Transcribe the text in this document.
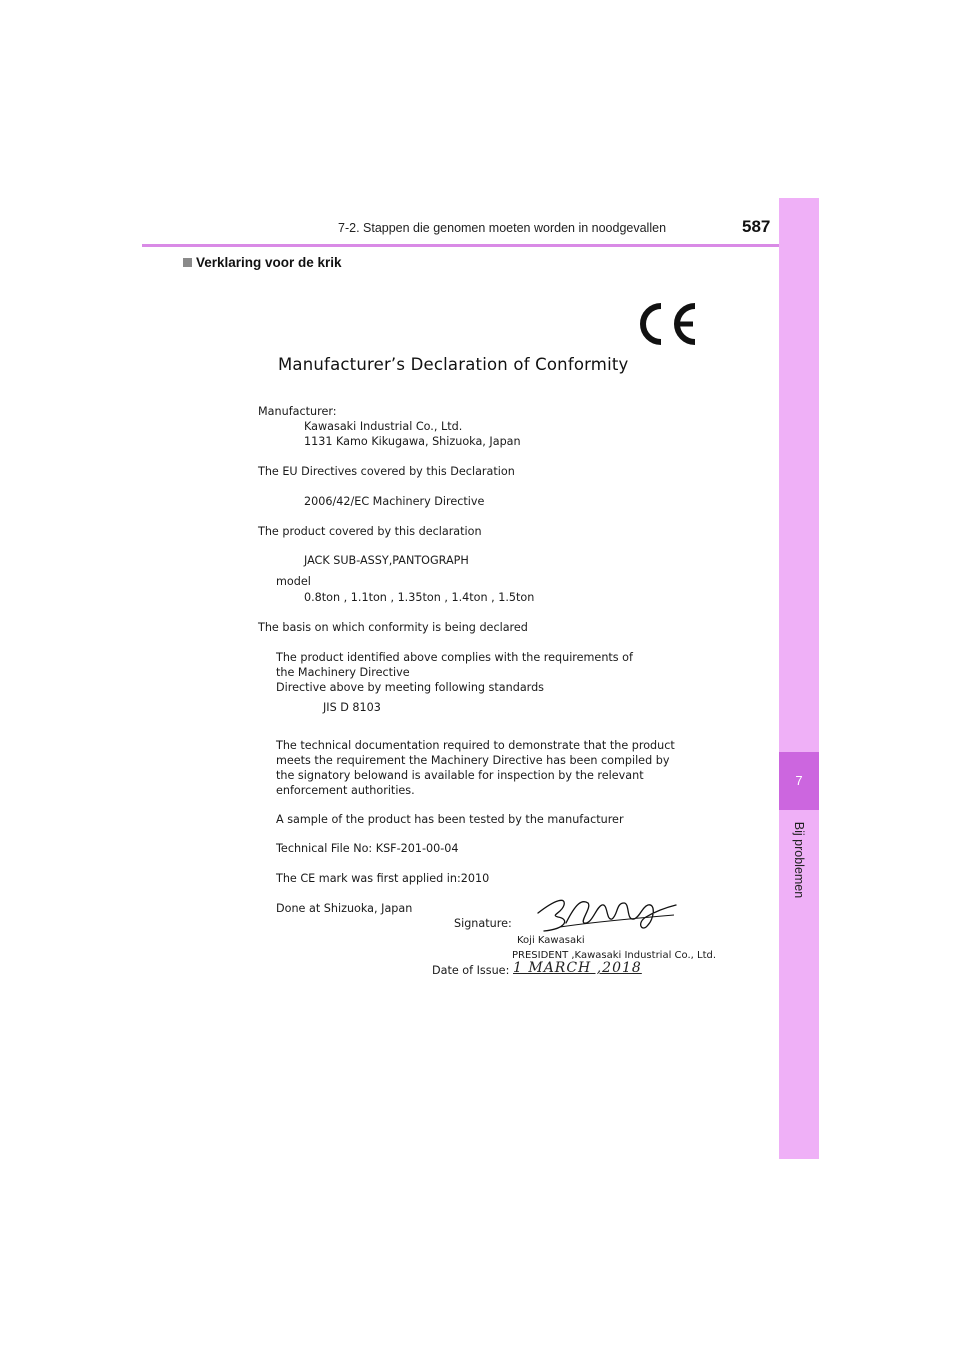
7-2. Stappen die genomen moeten worden in noodgevallen	587
7
Bij problemen
Verklaring voor de krik
Manufacturer’s Declaration of Conformity
Manufacturer:
Kawasaki Industrial Co., Ltd.
1131 Kamo Kikugawa, Shizuoka, Japan
The EU Directives covered by this Declaration
2006/42/EC Machinery Directive
The product covered by this declaration
JACK SUB-ASSY,PANTOGRAPH
model
0.8ton , 1.1ton , 1.35ton , 1.4ton , 1.5ton
The basis on which conformity is being declared
The product identified above complies with the requirements of
the Machinery Directive
Directive above by meeting following standards
JIS D 8103
The technical documentation required to demonstrate that the product
meets the requirement the Machinery Directive has been compiled by
the signatory belowand is available for inspection by the relevant
enforcement authorities.
A sample of the product has been tested by the manufacturer
Technical File No: KSF-201-00-04
The CE mark was first applied in:2010
Done at Shizuoka, Japan
Signature:
Koji Kawasaki
PRESIDENT ,Kawasaki Industrial Co., Ltd.
Date of Issue: 1 MARCH ,2018
